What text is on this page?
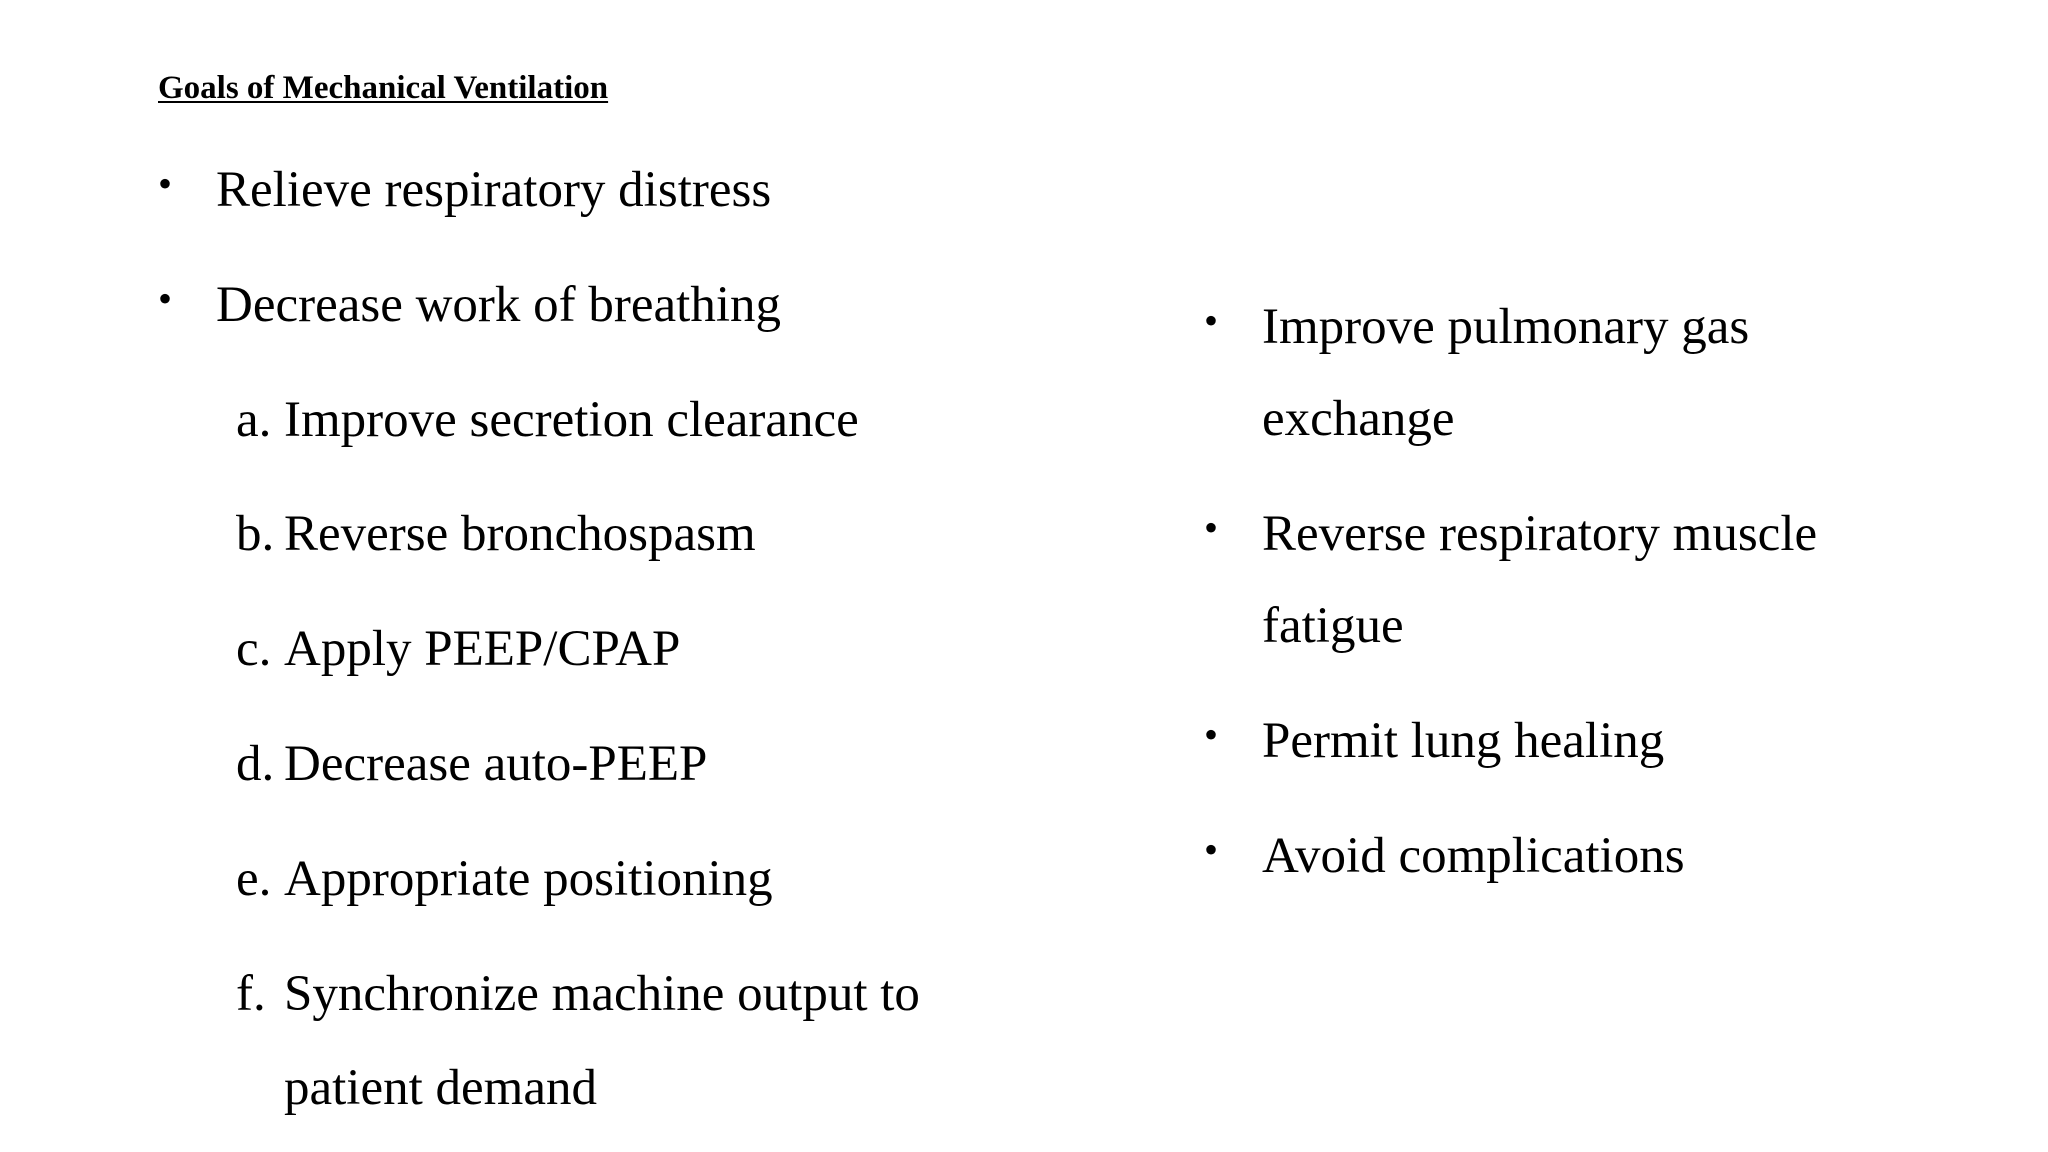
Goals of Mechanical Ventilation
• Relieve respiratory distress
• Decrease work of breathing
a. Improve secretion clearance
b. Reverse bronchospasm
c. Apply PEEP/CPAP
d. Decrease auto-PEEP
e. Appropriate positioning
f. Synchronize machine output to
patient demand
• Improve pulmonary gas
exchange
• Reverse respiratory muscle
fatigue
• Permit lung healing
• Avoid complications
